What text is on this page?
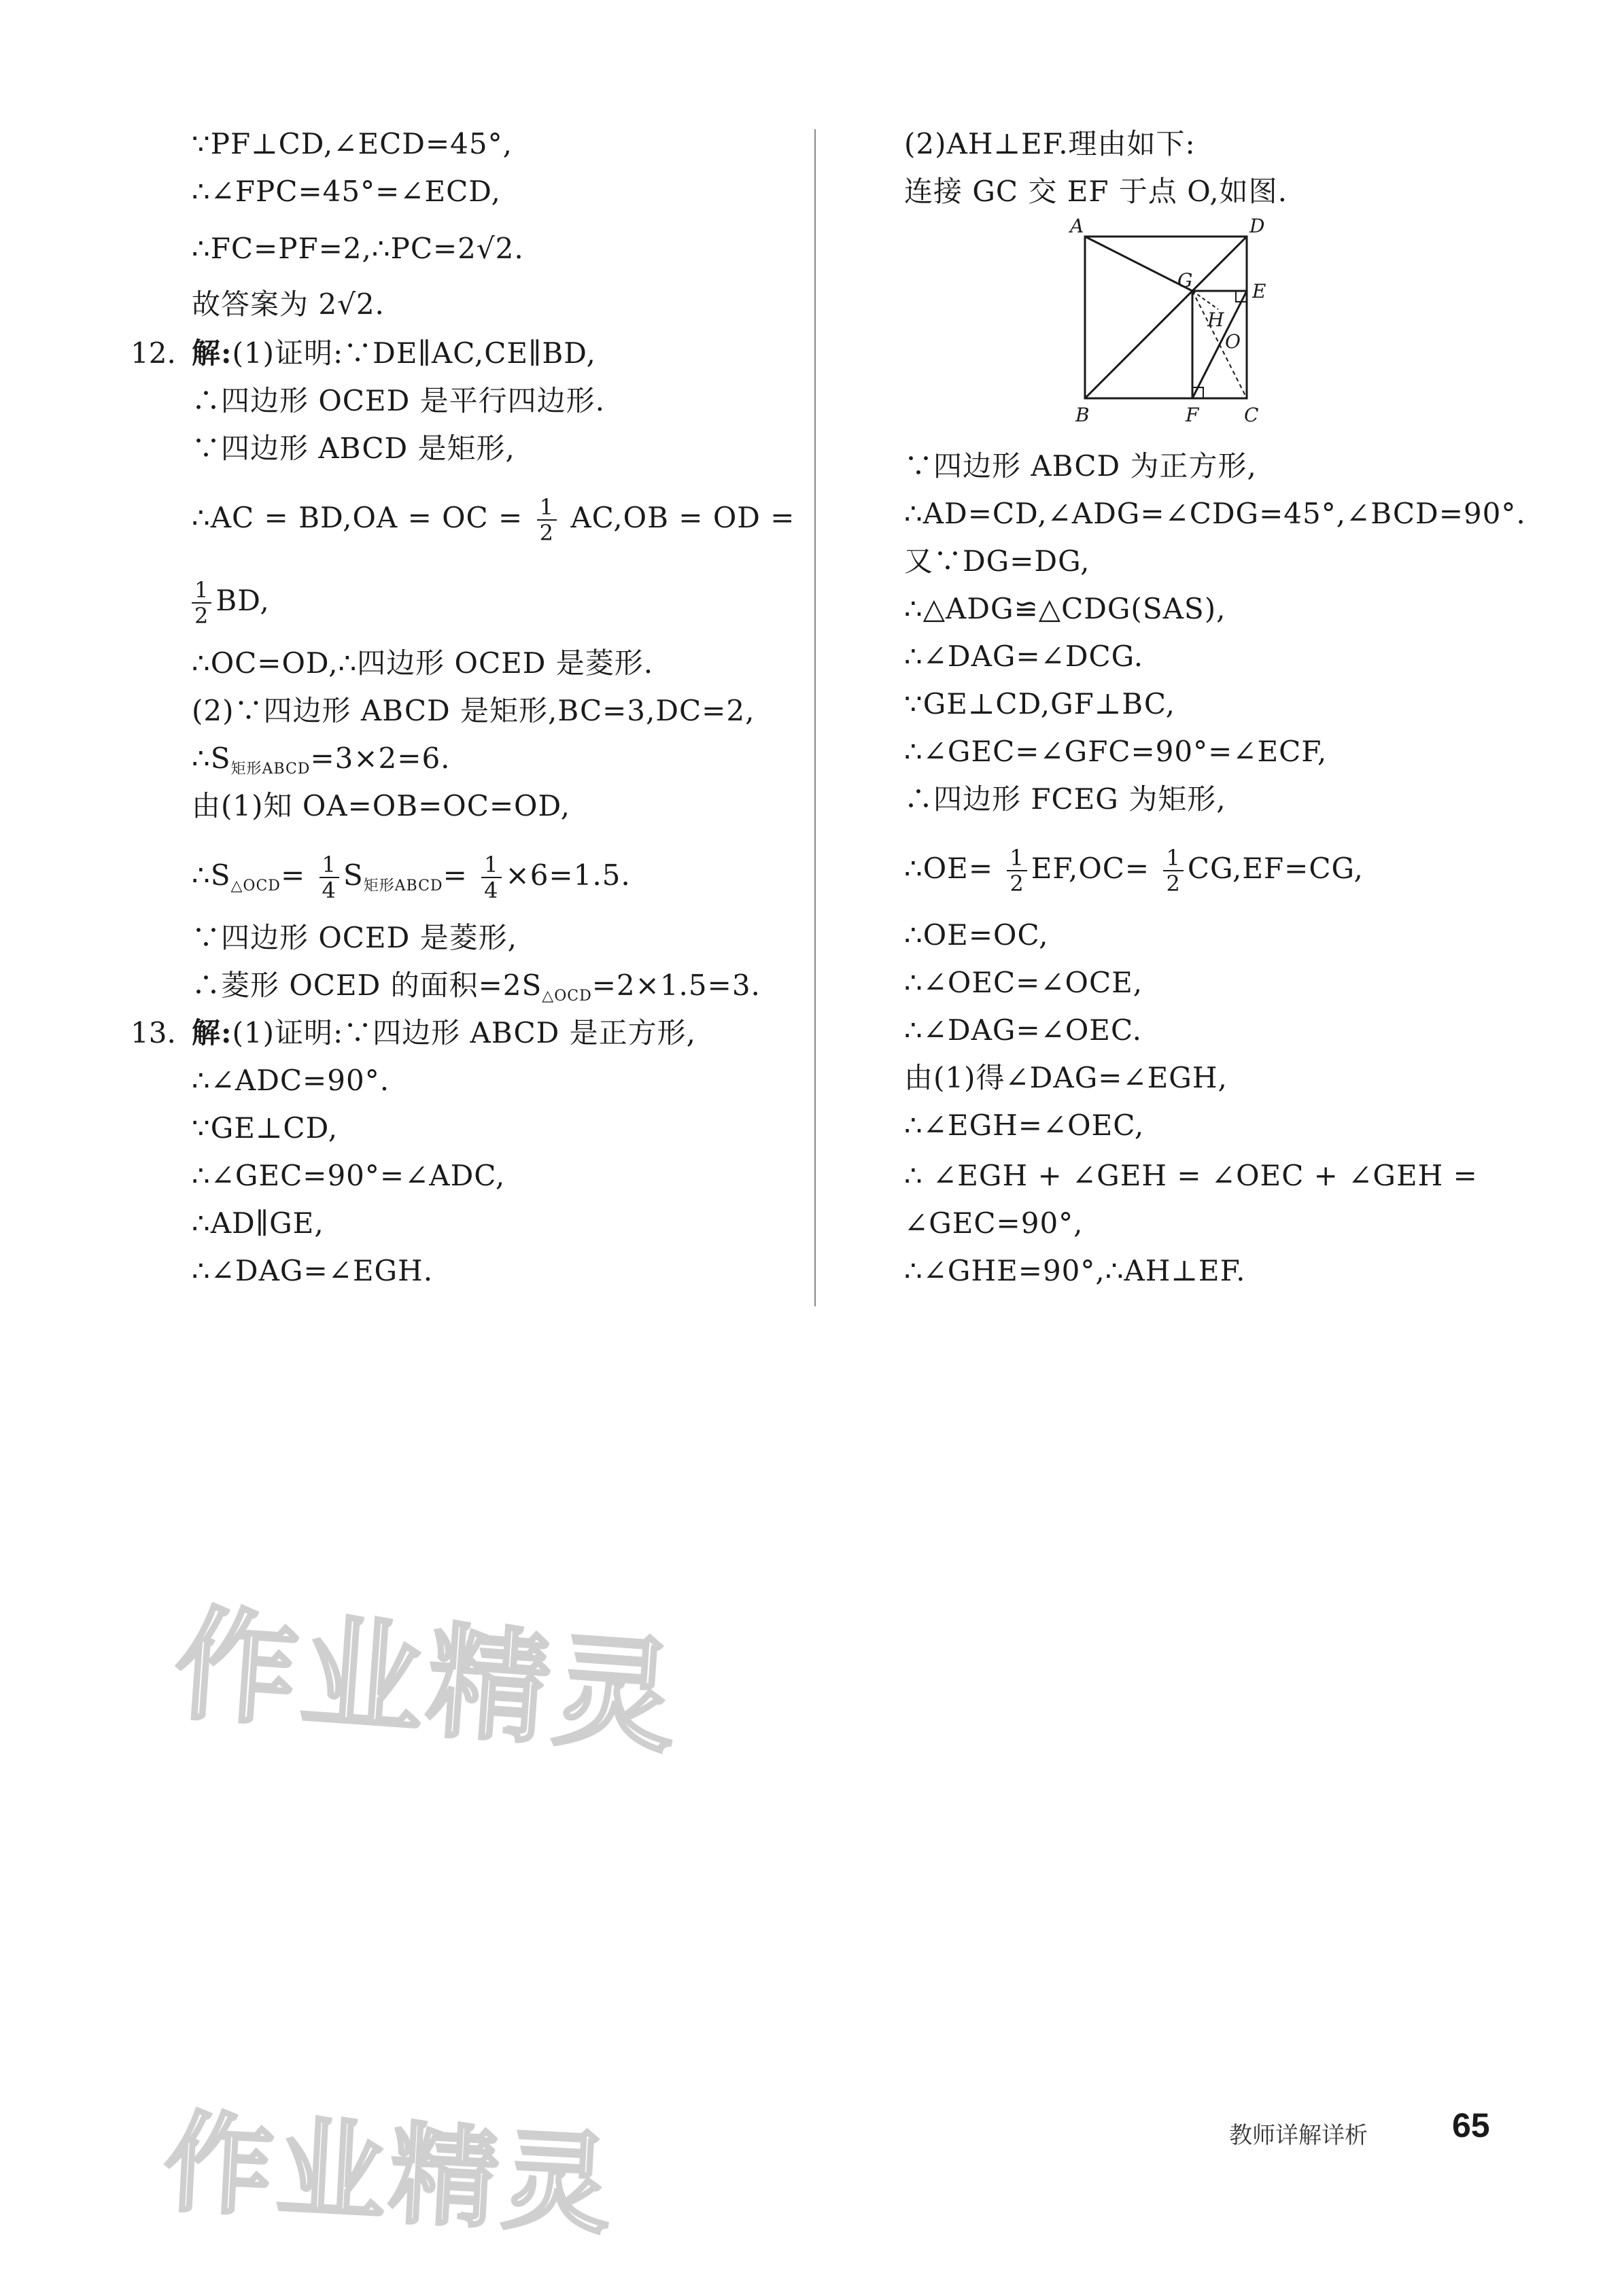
∵PF⊥CD,∠ECD=45°,
∴∠FPC=45°=∠ECD,
∴FC=PF=2,∴PC=2√2.
故答案为 2√2.
12. 解:(1)证明:∵DE∥AC,CE∥BD,
∴四边形 OCED 是平行四边形.
∵四边形 ABCD 是矩形,
∴AC = BD,OA = OC = $\frac{1}{2} AC,OB$ = OD =
$\frac{1}{2}$ BD,
∴OC=OD,∴四边形 OCED 是菱形.
(2)∵四边形 ABCD 是矩形,BC=3,DC=2,
$\therefore S_{矩形ABCD}=3\times 2=6$.
由(1)知 OA=OB=OC=OD,
$\therefore S_{\triangle OCD}= \frac{1}{4} S_{矩形ABCD}= \frac{1}{4} \times 6=1.5$.
∵四边形 OCED 是菱形,
∴菱形 OCED 的面积$=2S_{\triangle OCD}=2\times 1.5=3$.
13. 解:(1)证明:∵四边形 ABCD 是正方形,
∴∠ADC=90°.
∵GE⊥CD,
∴∠GEC=90°=∠ADC,
∴AD∥GE,
∴∠DAG=∠EGH.
(2)AH⊥EF.理由如下:
连接 GC 交 EF 于点 O,如图.
A	D
G	E
H
O
B	F C
∵四边形 ABCD 为正方形,
∴AD=CD,∠ADG=∠CDG=45°,∠BCD=90°.
又∵DG=DG,
∴△ADG≌△CDG(SAS),
∴∠DAG=∠DCG.
∵GE⊥CD,GF⊥BC,
∴∠GEC=∠GFC=90°=∠ECF,
∴四边形 FCEG 为矩形,
∴OE= $\frac{1}{2} EF,OC= \frac{1}{2} CG,EF=CG$,
∴OE=OC,
∴∠OEC=∠OCE,
∴∠DAG=∠OEC.
由(1)得∠DAG=∠EGH,
∴∠EGH=∠OEC,
∴ ∠EGH + ∠GEH = ∠OEC + ∠GEH =
∠GEC=90°,
∴∠GHE=90°,∴AH⊥EF.
作业精灵
作业精灵	教师详解详析 65
